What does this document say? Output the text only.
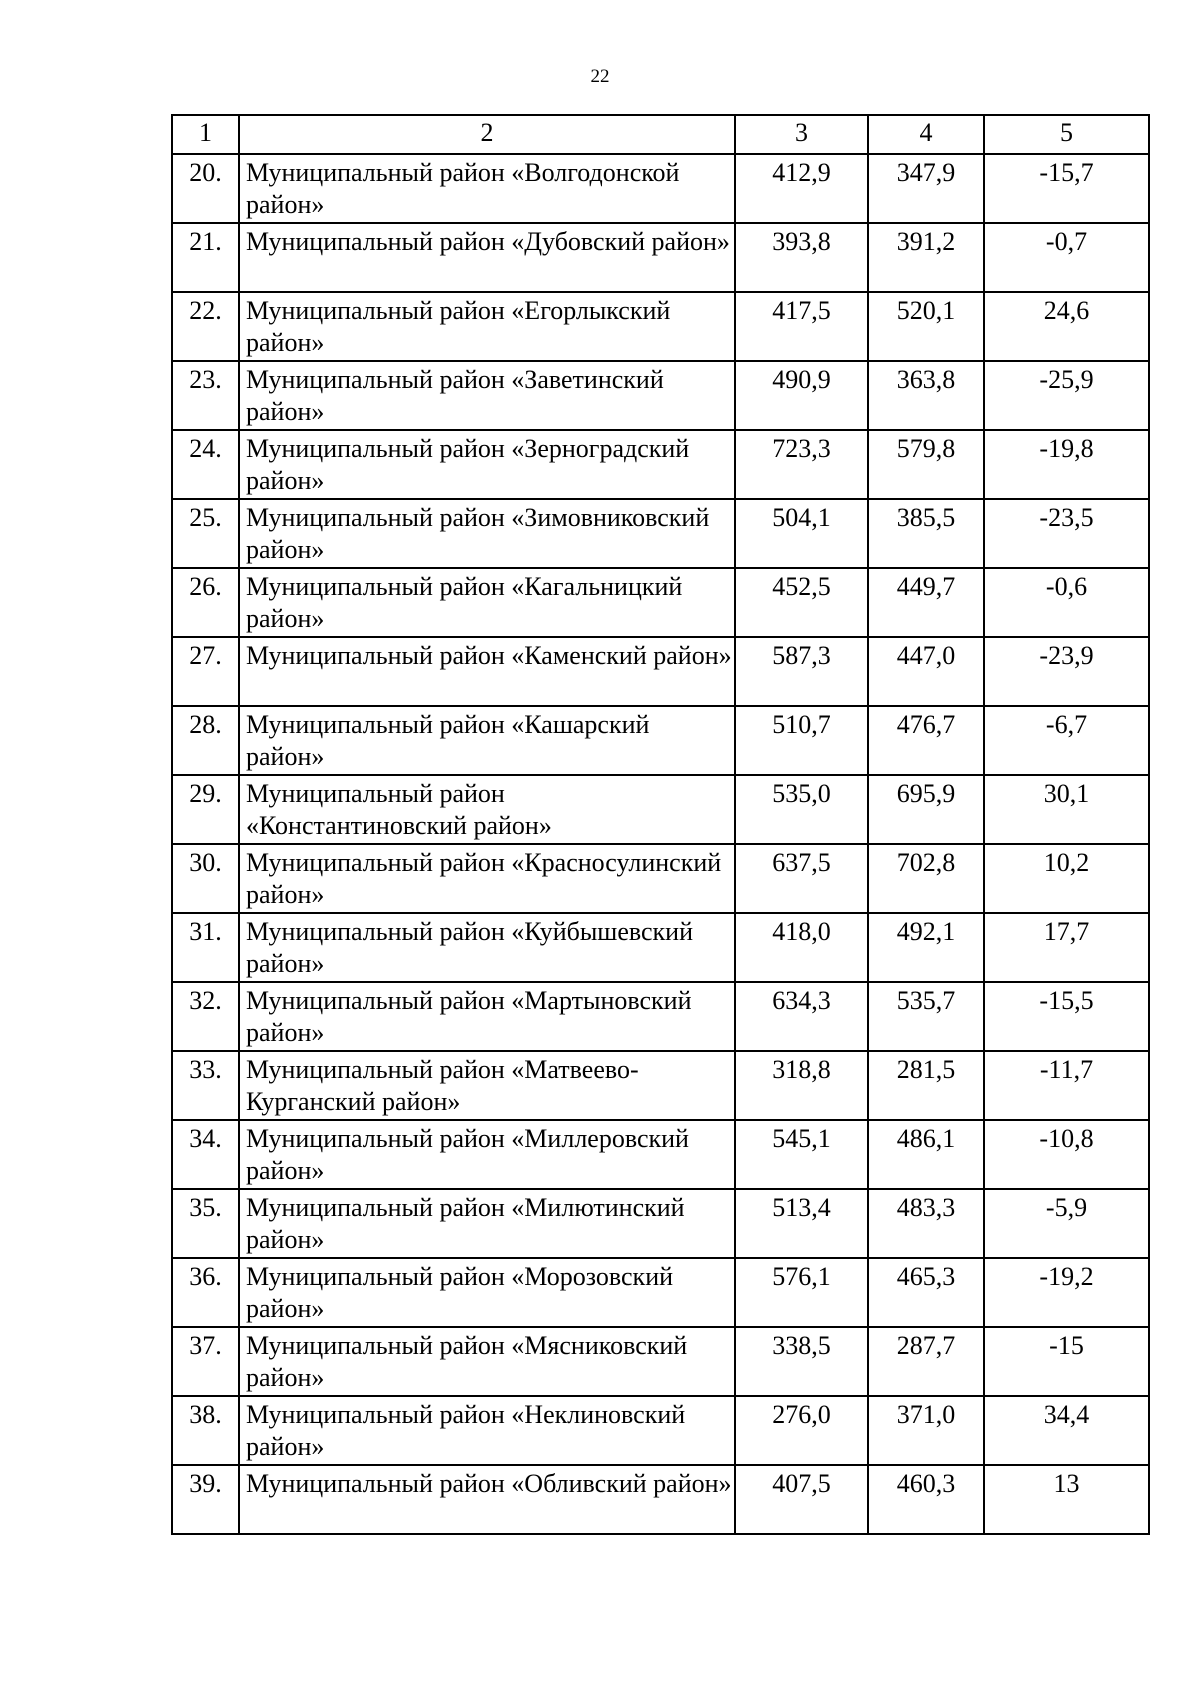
22
1	2	3	4	5
20.	Муниципальный район «Волгодонской район»	412,9	347,9	-15,7
21.	Муниципальный район «Дубовский район»	393,8	391,2	-0,7
22.	Муниципальный район «Егорлыкский район»	417,5	520,1	24,6
23.	Муниципальный район «Заветинский район»	490,9	363,8	-25,9
24.	Муниципальный район «Зерноградский район»	723,3	579,8	-19,8
25.	Муниципальный район «Зимовниковский район»	504,1	385,5	-23,5
26.	Муниципальный район «Кагальницкий район»	452,5	449,7	-0,6
27.	Муниципальный район «Каменский район»	587,3	447,0	-23,9
28.	Муниципальный район «Кашарский район»	510,7	476,7	-6,7
29.	Муниципальный район «Константиновский район»	535,0	695,9	30,1
30.	Муниципальный район «Красносулинский район»	637,5	702,8	10,2
31.	Муниципальный район «Куйбышевский район»	418,0	492,1	17,7
32.	Муниципальный район «Мартыновский район»	634,3	535,7	-15,5
33.	Муниципальный район «Матвеево-Курганский район»	318,8	281,5	-11,7
34.	Муниципальный район «Миллеровский район»	545,1	486,1	-10,8
35.	Муниципальный район «Милютинский район»	513,4	483,3	-5,9
36.	Муниципальный район «Морозовский район»	576,1	465,3	-19,2
37.	Муниципальный район «Мясниковский район»	338,5	287,7	-15
38.	Муниципальный район «Неклиновский район»	276,0	371,0	34,4
39.	Муниципальный район «Обливский район»	407,5	460,3	13
